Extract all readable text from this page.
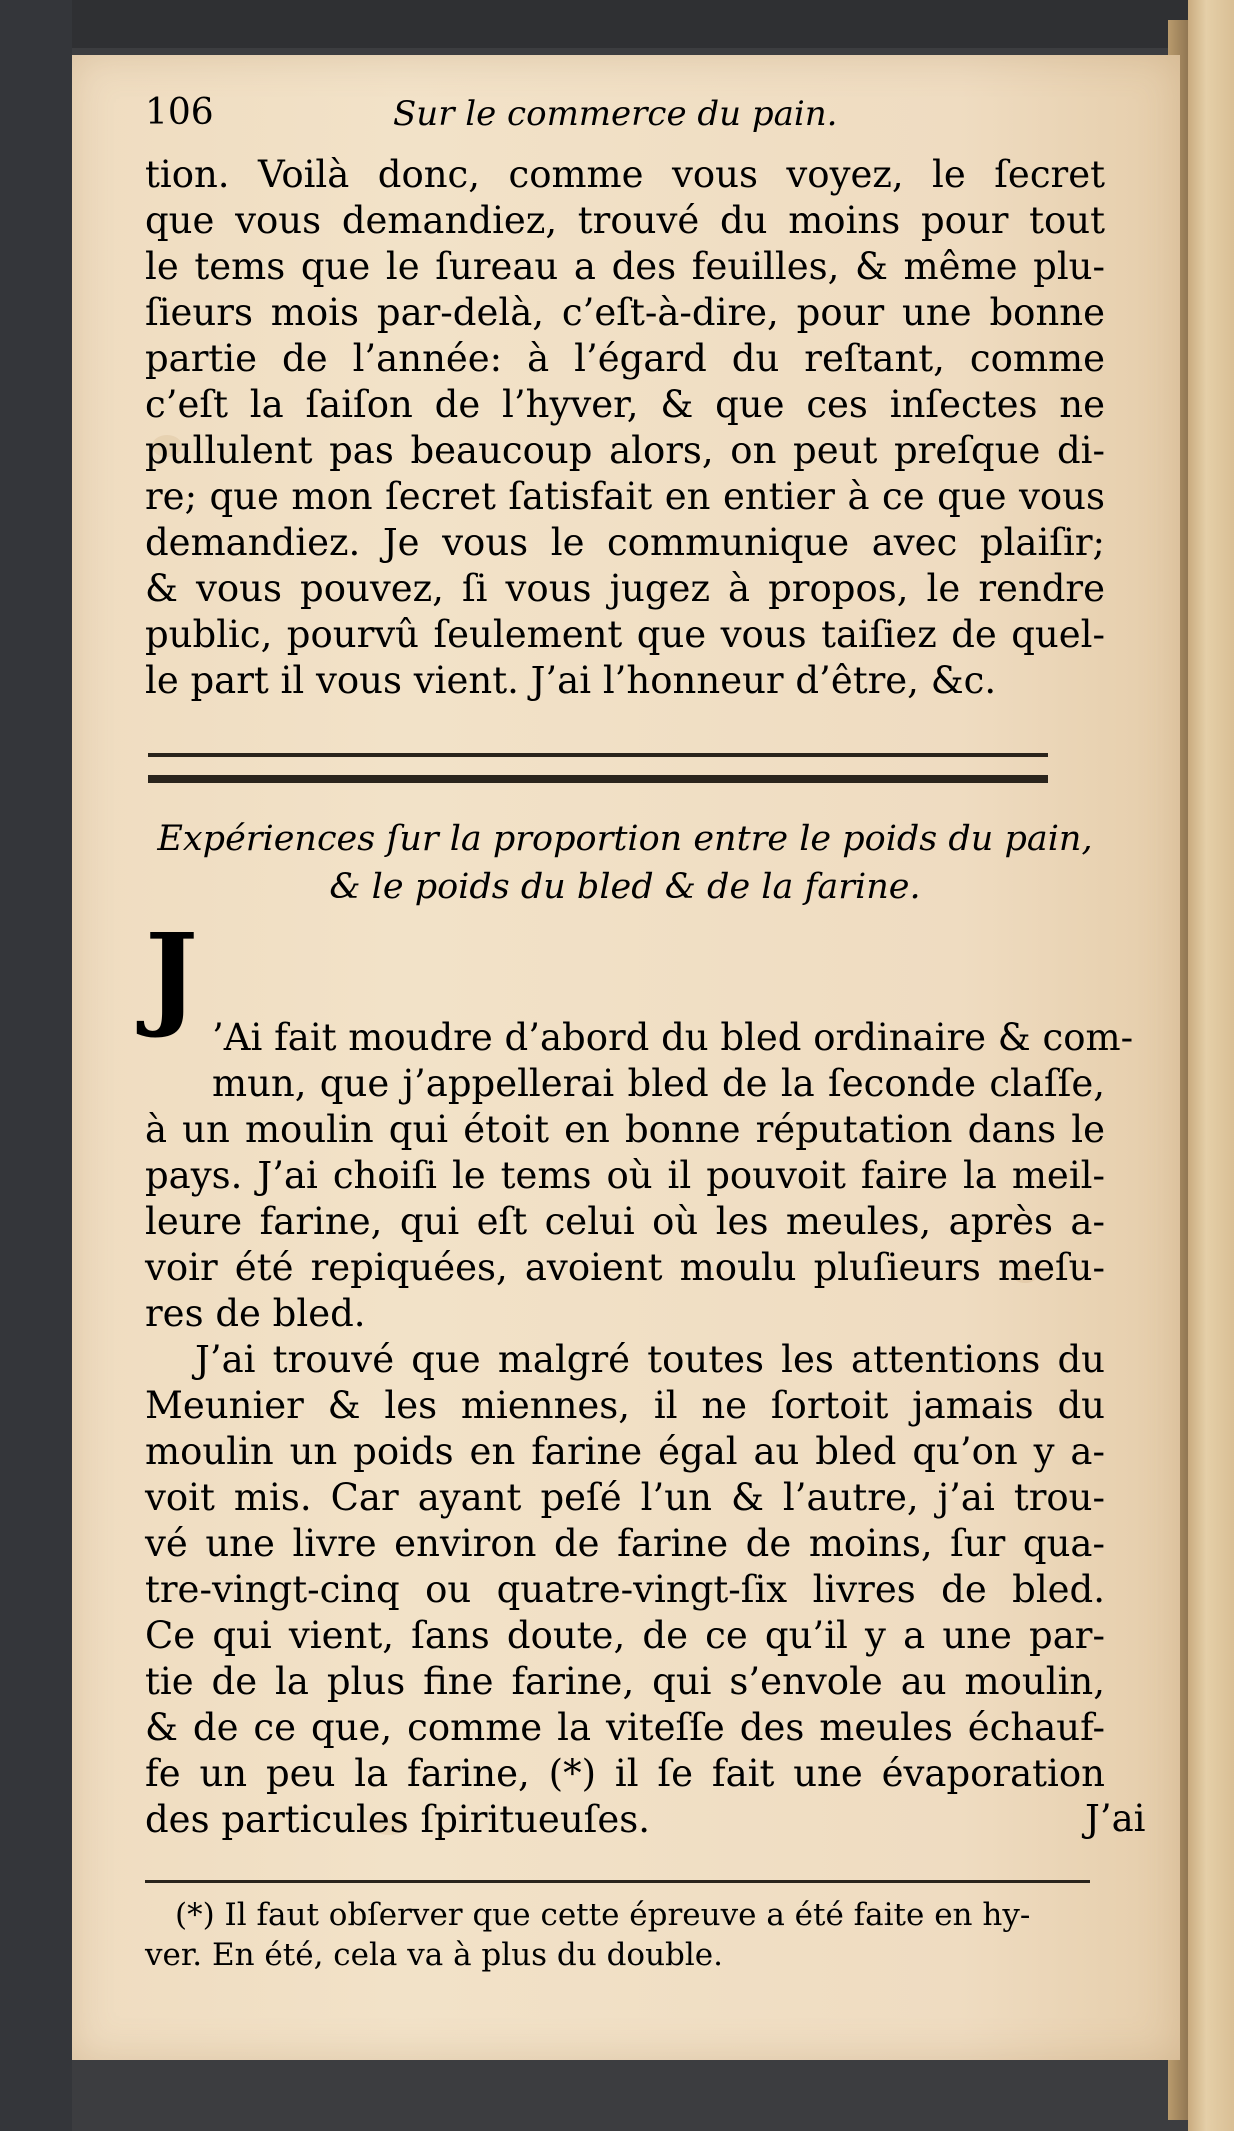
106	Sur le commerce du pain.
tion. Voilà donc, comme vous voyez, le ſecret
que vous demandiez, trouvé du moins pour tout
le tems que le ſureau a des feuilles, & même plu-
ſieurs mois par-delà, c’eſt-à-dire, pour une bonne
partie de l’année: à l’égard du reſtant, comme
c’eſt la ſaiſon de l’hyver, & que ces inſectes ne
pullulent pas beaucoup alors, on peut preſque di-
re; que mon ſecret ſatisfait en entier à ce que vous
demandiez. Je vous le communique avec plaiſir;
& vous pouvez, ſi vous jugez à propos, le rendre
public, pourvû ſeulement que vous taiſiez de quel-
le part il vous vient. J’ai l’honneur d’être, &c.
Expériences ſur la proportion entre le poids du pain,
& le poids du bled & de la farine.
J ’Ai fait moudre d’abord du bled ordinaire & com-
mun, que j’appellerai bled de la ſeconde claſſe,
à un moulin qui étoit en bonne réputation dans le
pays. J’ai choiſi le tems où il pouvoit faire la meil-
leure farine, qui eſt celui où les meules, après a-
voir été repiquées, avoient moulu pluſieurs meſu-
res de bled.
J’ai trouvé que malgré toutes les attentions du
Meunier & les miennes, il ne ſortoit jamais du
moulin un poids en farine égal au bled qu’on y a-
voit mis. Car ayant peſé l’un & l’autre, j’ai trou-
vé une livre environ de farine de moins, ſur qua-
tre-vingt-cinq ou quatre-vingt-ſix livres de bled.
Ce qui vient, ſans doute, de ce qu’il y a une par-
tie de la plus fine farine, qui s’envole au moulin,
& de ce que, comme la viteſſe des meules échauf-
fe un peu la farine, (*) il ſe fait une évaporation
des particules ſpiritueuſes.	J’ai
(*) Il faut obſerver que cette épreuve a été faite en hy-
ver. En été, cela va à plus du double.
